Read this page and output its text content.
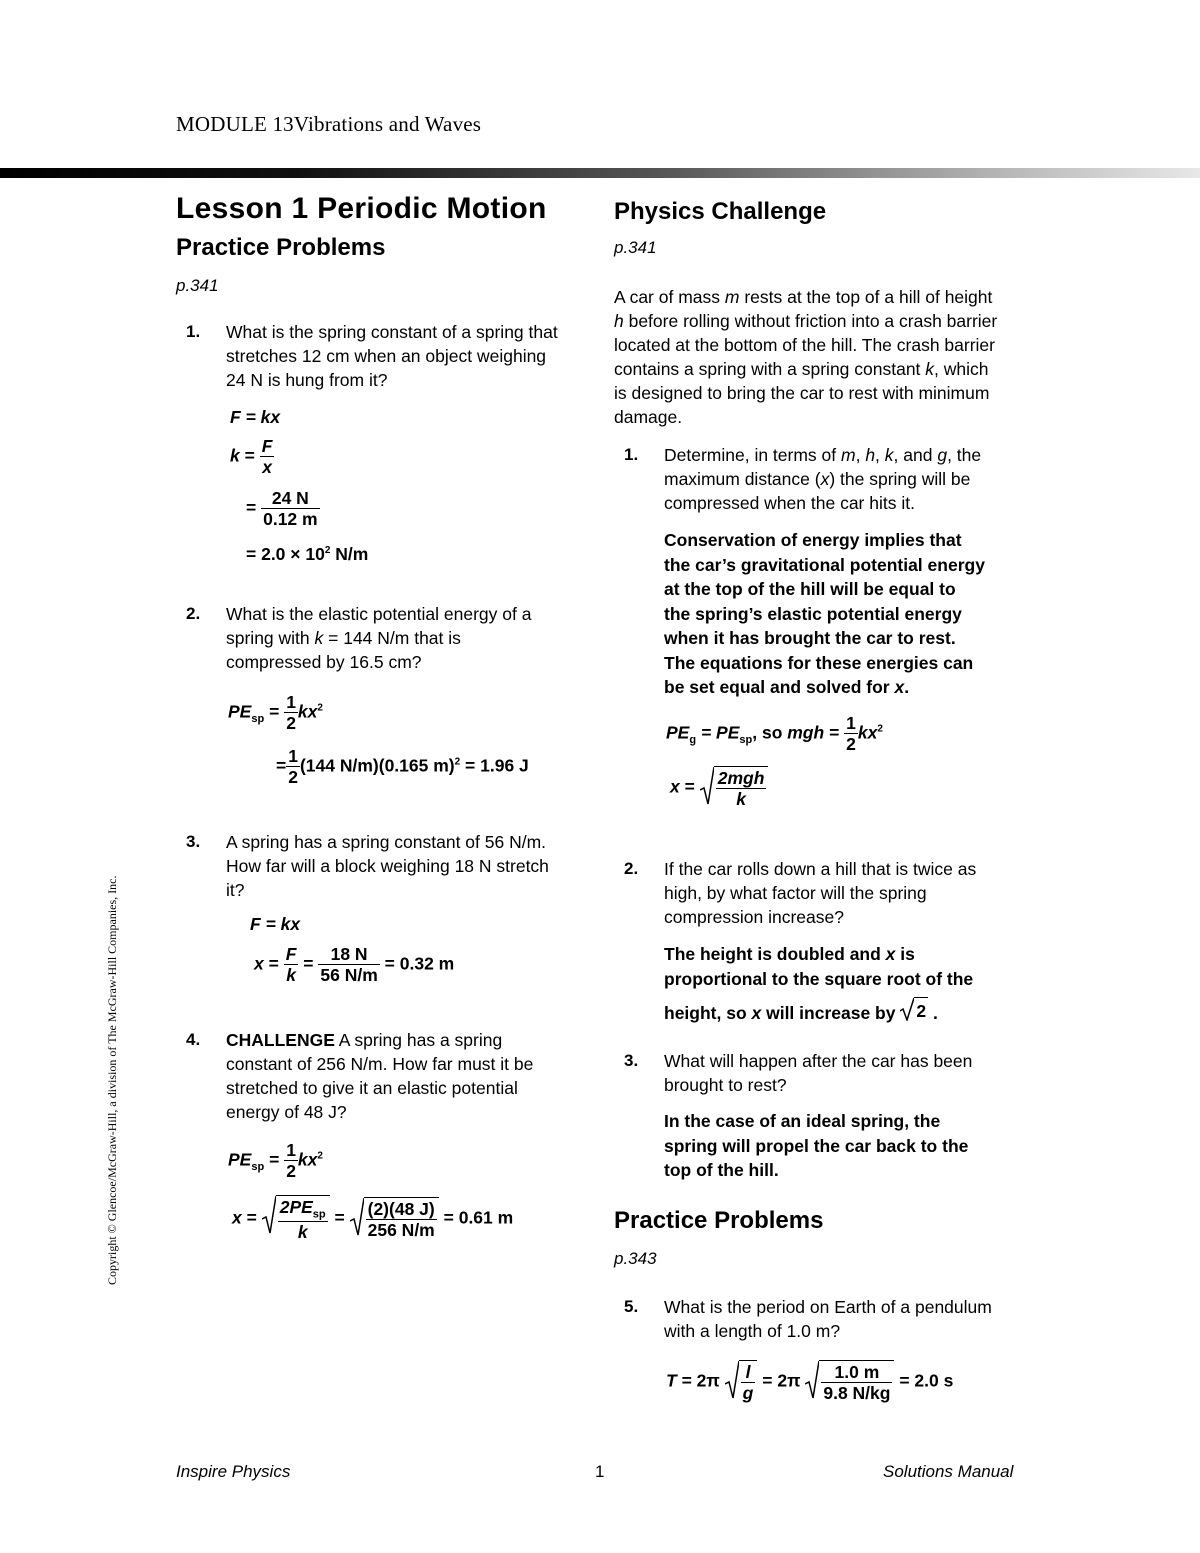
MODULE 13Vibrations and Waves
Lesson 1 Periodic Motion
Practice Problems
p.341
1. What is the spring constant of a spring that
stretches 12 cm when an object weighing
24 N is hung from it?
F = kx
$k = \frac{F}{x}$
= $\frac{24 N}{0.12 m}$
= $2.0 \times 10^2$ N/m
2. What is the elastic potential energy of a
spring with k = 144 N/m that is
compressed by 16.5 cm?
$PE_{sp} = \frac{1}{2} kx^2$
= $\frac{1}{2} (144$ N/m)(0.165 m)$^2$ = 1.96 J
3. A spring has a spring constant of 56 N/m.
How far will a block weighing 18 N stretch
it?
F = kx
$x = \frac{F}{k} = \frac{18 N}{56 N/m} = 0.32$ m
4. CHALLENGE A spring has a spring
constant of 256 N/m. How far must it be
stretched to give it an elastic potential
energy of 48 J?
$PE_{sp} = \frac{1}{2} kx^2$
$x = \frac{2PE_{sp}}{k} = \frac{(2)(48 J)}{256 N/m} = 0.61$ m
Physics Challenge
p.341
A car of mass m rests at the top of a hill of height
h before rolling without friction into a crash barrier
located at the bottom of the hill. The crash barrier
contains a spring with a spring constant k, which
is designed to bring the car to rest with minimum
damage.
1. Determine, in terms of m, h, k, and g, the
maximum distance (x) the spring will be
compressed when the car hits it.
Conservation of energy implies that
the car’s gravitational potential energy
at the top of the hill will be equal to
the spring’s elastic potential energy
when it has brought the car to rest.
The equations for these energies can
be set equal and solved for x.
$PE_g = PE_{sp}$, so mgh = $\frac{1}{2} kx^2$
$x = \frac{\text{2mgh}}{k}$
2. If the car rolls down a hill that is twice as
high, by what factor will the spring
compression increase?
The height is doubled and x is
proportional to the square root of the
height, so x will increase by
2 .
3. What will happen after the car has been
brought to rest?
In the case of an ideal spring, the
spring will propel the car back to the
top of the hill.
Practice Problems
p.343
5. What is the period on Earth of a pendulum
with a length of 1.0 m?
$T = 2\pi \frac{l}{g} = 2\pi \frac{1.0 m}{9.8 N/kg} = 2.0$ s
Copyright © Glencoe/McGraw-Hill, a division of The McGraw-Hill Companies, Inc.
Inspire Physics	1	Solutions Manual
